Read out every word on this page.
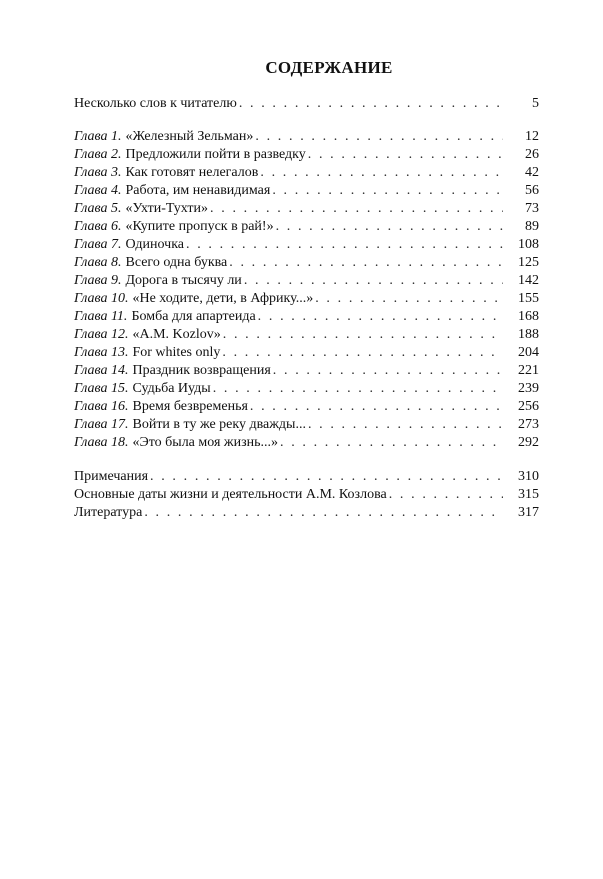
СОДЕРЖАНИЕ
Несколько слов к читателю . . .	5
Глава 1. «Железный Зельман» . . .	12
Глава 2. Предложили пойти в разведку . . .	26
Глава 3. Как готовят нелегалов . . .	42
Глава 4. Работа, им ненавидимая . . .	56
Глава 5. «Ухти-Тухти» . . .	73
Глава 6. «Купите пропуск в рай!» . . .	89
Глава 7. Одиночка . . .	108
Глава 8. Всего одна буква . . .	125
Глава 9. Дорога в тысячу ли . . .	142
Глава 10. «Не ходите, дети, в Африку...» . . .	155
Глава 11. Бомба для апартеида . . .	168
Глава 12. «A.M. Kozlov» . . .	188
Глава 13. For whites only . . .	204
Глава 14. Праздник возвращения . . .	221
Глава 15. Судьба Иуды . . .	239
Глава 16. Время безвременья . . .	256
Глава 17. Войти в ту же реку дважды... . . .	273
Глава 18. «Это была моя жизнь...» . . .	292
Примечания . . .	310
Основные даты жизни и деятельности А.М. Козлова . . .	315
Литература . . .	317
